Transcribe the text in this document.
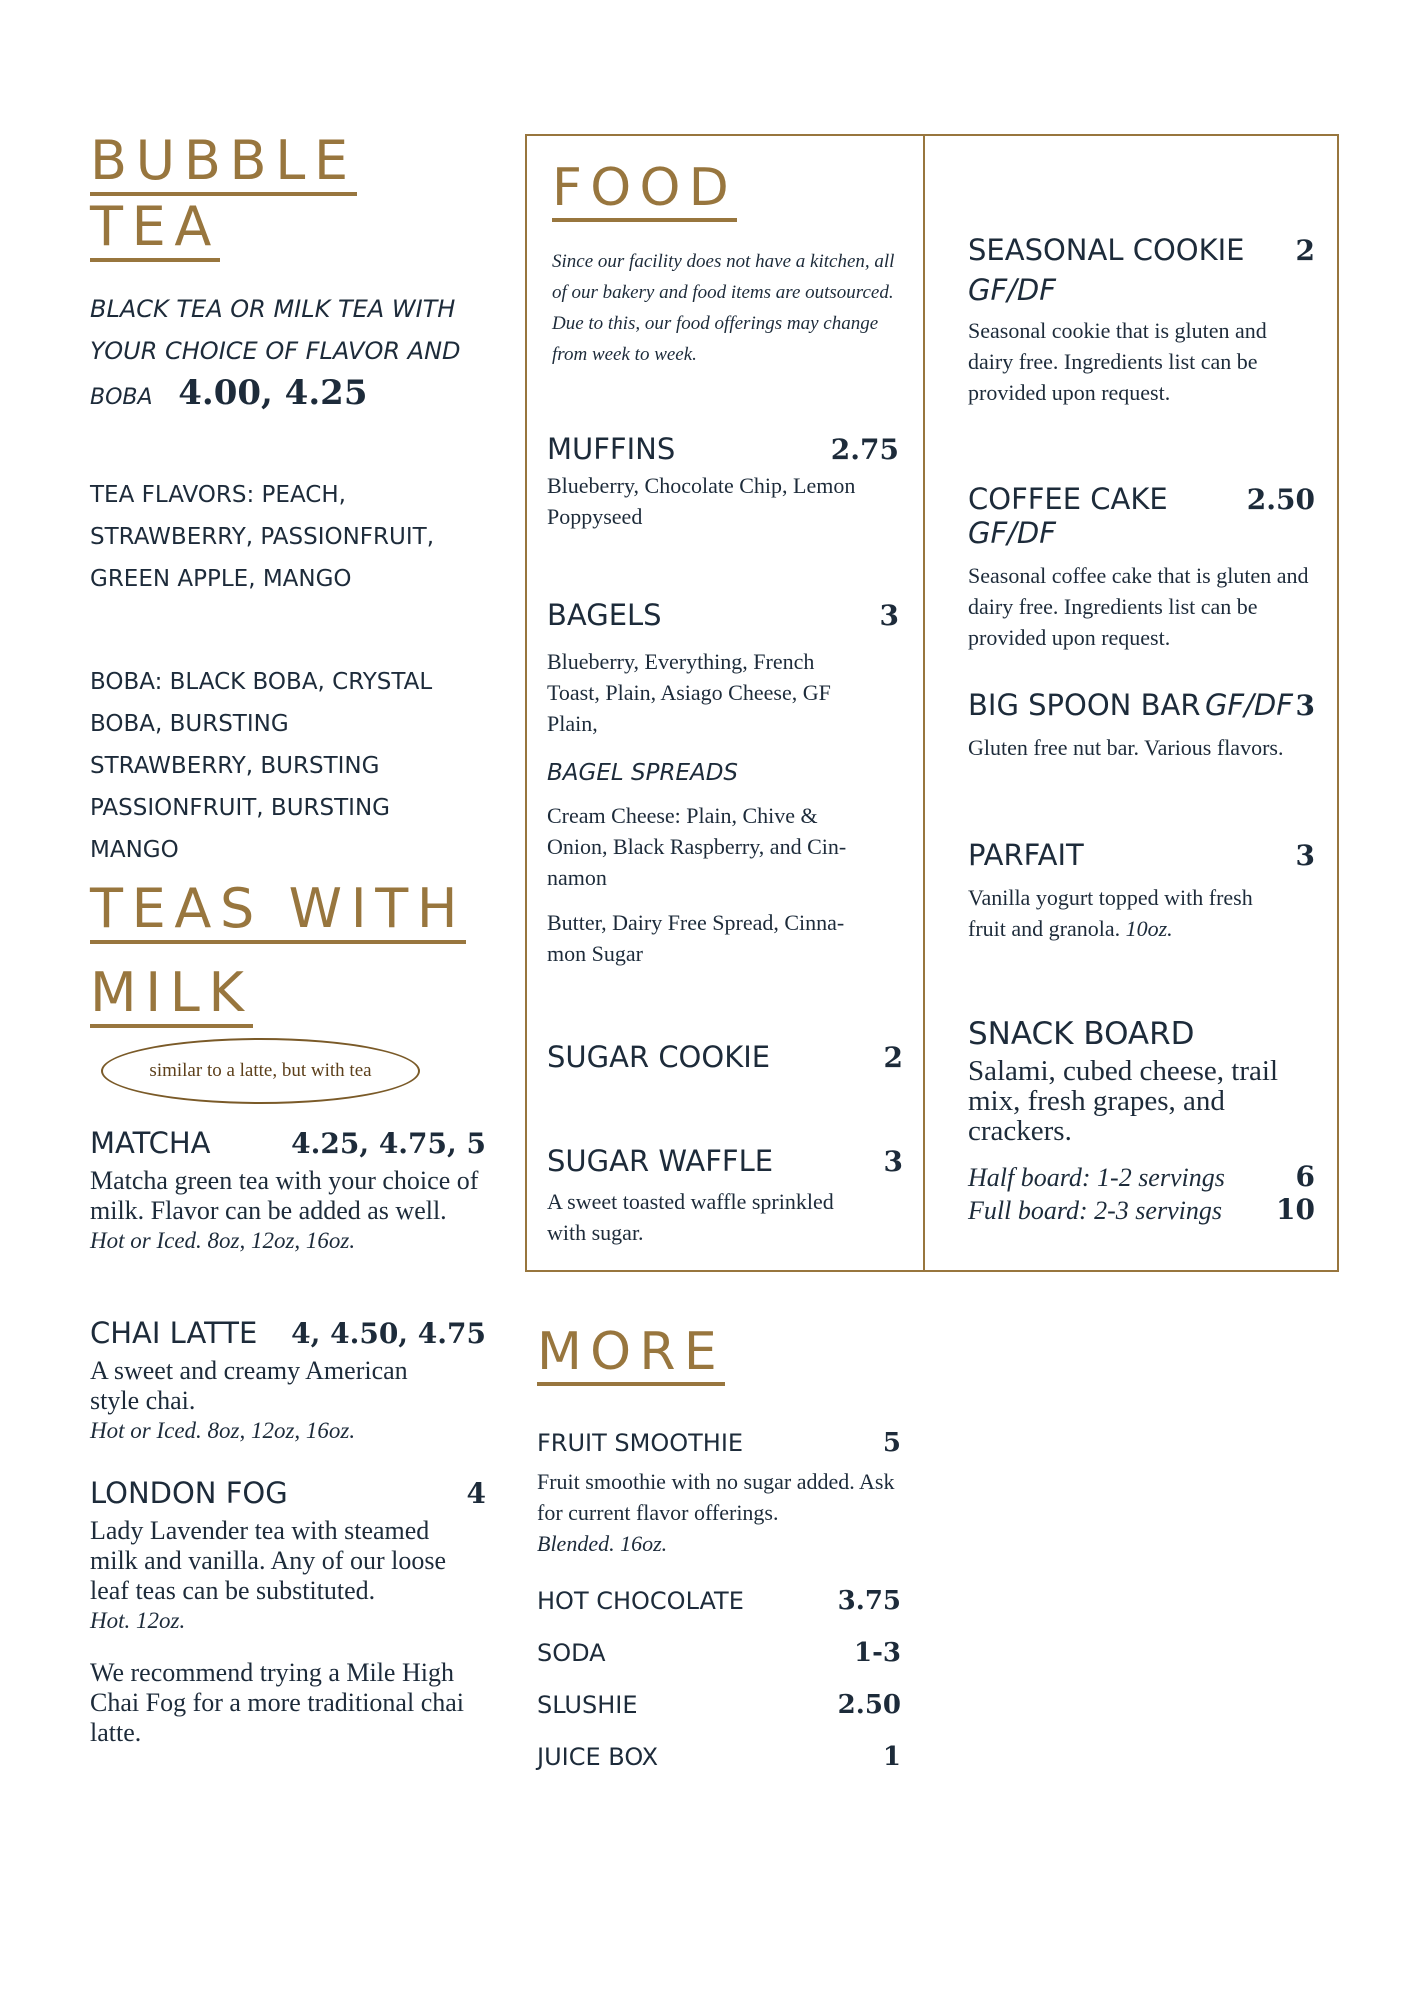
BUBBLE
TEA
BLACK TEA OR MILK TEA WITH
YOUR CHOICE OF FLAVOR AND
BOBA 4.00, 4.25
TEA FLAVORS: PEACH,
STRAWBERRY, PASSIONFRUIT,
GREEN APPLE, MANGO
BOBA: BLACK BOBA, CRYSTAL
BOBA, BURSTING
STRAWBERRY, BURSTING
PASSIONFRUIT, BURSTING
MANGO
TEAS WITH
MILK
similar to a latte, but with tea
MATCHA	4.25, 4.75, 5
Matcha green tea with your choice of milk. Flavor can be added as well.
Hot or Iced. 8oz, 12oz, 16oz.
CHAI LATTE 4, 4.50, 4.75
A sweet and creamy American style chai.
Hot or Iced. 8oz, 12oz, 16oz.
LONDON FOG	4
Lady Lavender tea with steamed milk and vanilla. Any of our loose leaf teas can be substituted.
Hot. 12oz.
We recommend trying a Mile High Chai Fog for a more traditional chai latte.
FOOD
Since our facility does not have a kitchen, all of our bakery and food items are outsourced. Due to this, our food offerings may change from week to week.
MUFFINS	2.75
Blueberry, Chocolate Chip, Lemon Poppyseed
BAGELS	3
Blueberry, Everything, French Toast, Plain, Asiago Cheese, GF Plain,
BAGEL SPREADS
Cream Cheese: Plain, Chive & Onion, Black Raspberry, and Cin-namon
Butter, Dairy Free Spread, Cinna-mon Sugar
SUGAR COOKIE	2
SUGAR WAFFLE	3
A sweet toasted waffle sprinkled with sugar.
SEASONAL COOKIE 2
GF/DF
Seasonal cookie that is gluten and dairy free. Ingredients list can be provided upon request.
COFFEE CAKE GF/DF
2.50
Seasonal coffee cake that is gluten and dairy free. Ingredients list can be provided upon request.
BIG SPOON BAR GF/DF 3
Gluten free nut bar. Various flavors.
PARFAIT	3
Vanilla yogurt topped with fresh fruit and granola. 10oz.
SNACK BOARD
Salami, cubed cheese, trail mix, fresh grapes, and crackers.
Half board: 1-2 servings	6
Full board: 2-3 servings 10
MORE
FRUIT SMOOTHIE	5
Fruit smoothie with no sugar added. Ask for current flavor offerings.
Blended. 16oz.
HOT CHOCOLATE	3.75
SODA	1-3
SLUSHIE	2.50
JUICE BOX	1
